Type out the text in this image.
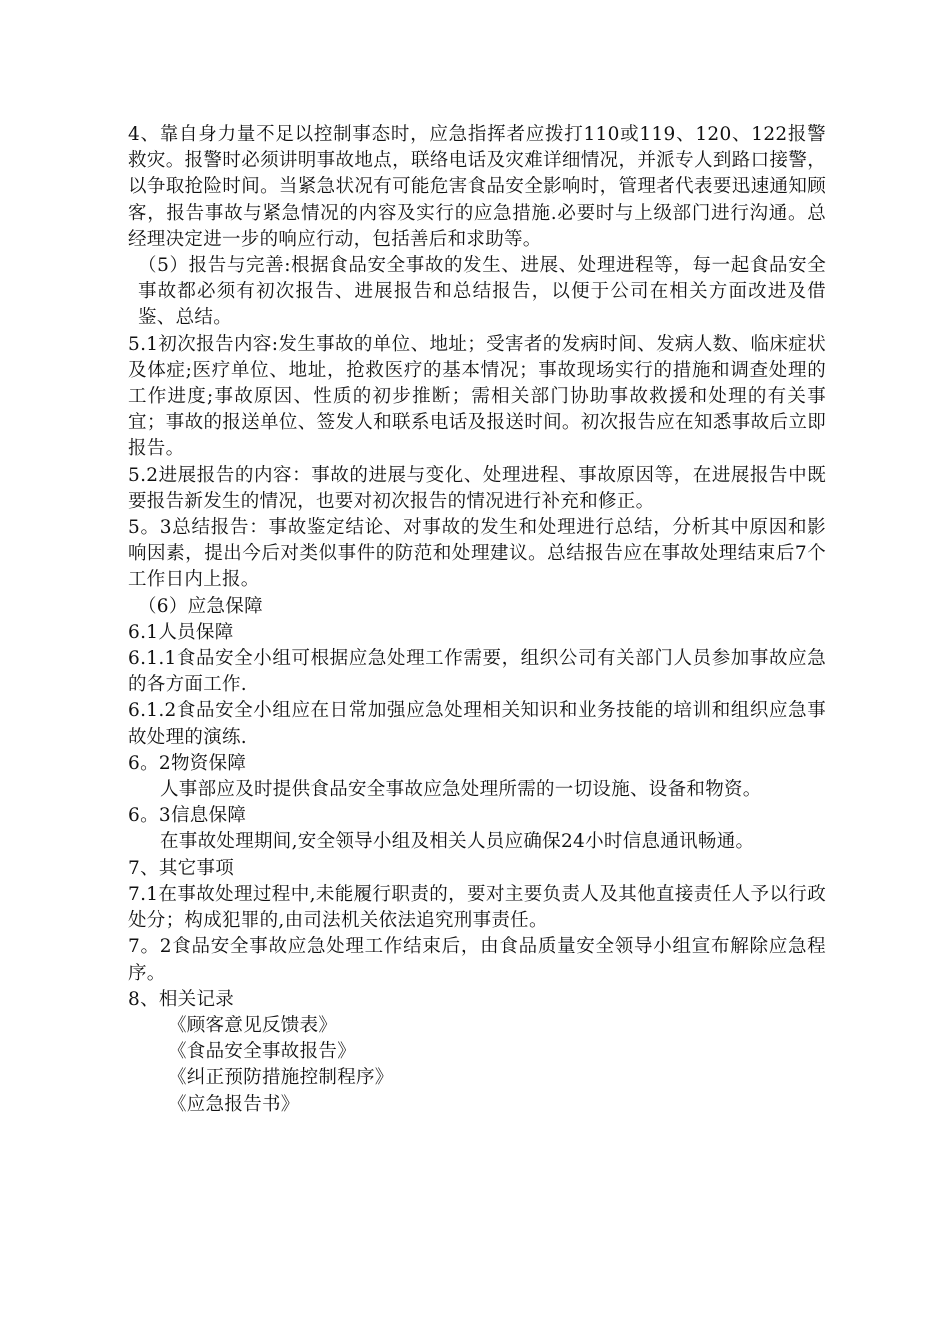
4、靠自身力量不足以控制事态时，应急指挥者应拨打110或119、120、122报警救灾。报警时必须讲明事故地点，联络电话及灾难详细情况，并派专人到路口接警，以争取抢险时间。当紧急状况有可能危害食品安全影响时，管理者代表要迅速通知顾客，报告事故与紧急情况的内容及实行的应急措施.必要时与上级部门进行沟通。总经理决定进一步的响应行动，包括善后和求助等。

（5）报告与完善:根据食品安全事故的发生、进展、处理进程等，每一起食品安全事故都必须有初次报告、进展报告和总结报告，以便于公司在相关方面改进及借鉴、总结。

5.1初次报告内容:发生事故的单位、地址；受害者的发病时间、发病人数、临床症状及体症;医疗单位、地址，抢救医疗的基本情况；事故现场实行的措施和调查处理的工作进度;事故原因、性质的初步推断；需相关部门协助事故救援和处理的有关事宜；事故的报送单位、签发人和联系电话及报送时间。初次报告应在知悉事故后立即报告。

5.2进展报告的内容：事故的进展与变化、处理进程、事故原因等，在进展报告中既要报告新发生的情况，也要对初次报告的情况进行补充和修正。

5。3总结报告：事故鉴定结论、对事故的发生和处理进行总结，分析其中原因和影响因素，提出今后对类似事件的防范和处理建议。总结报告应在事故处理结束后7个工作日内上报。

（6）应急保障

6.1人员保障

6.1.1食品安全小组可根据应急处理工作需要，组织公司有关部门人员参加事故应急的各方面工作.

6.1.2食品安全小组应在日常加强应急处理相关知识和业务技能的培训和组织应急事故处理的演练.

6。2物资保障

人事部应及时提供食品安全事故应急处理所需的一切设施、设备和物资。

6。3信息保障

在事故处理期间,安全领导小组及相关人员应确保24小时信息通讯畅通。

7、其它事项

7.1在事故处理过程中,未能履行职责的，要对主要负责人及其他直接责任人予以行政处分；构成犯罪的,由司法机关依法追究刑事责任。

7。2食品安全事故应急处理工作结束后，由食品质量安全领导小组宣布解除应急程序。

8、相关记录

《顾客意见反馈表》

《食品安全事故报告》

《纠正预防措施控制程序》

《应急报告书》
